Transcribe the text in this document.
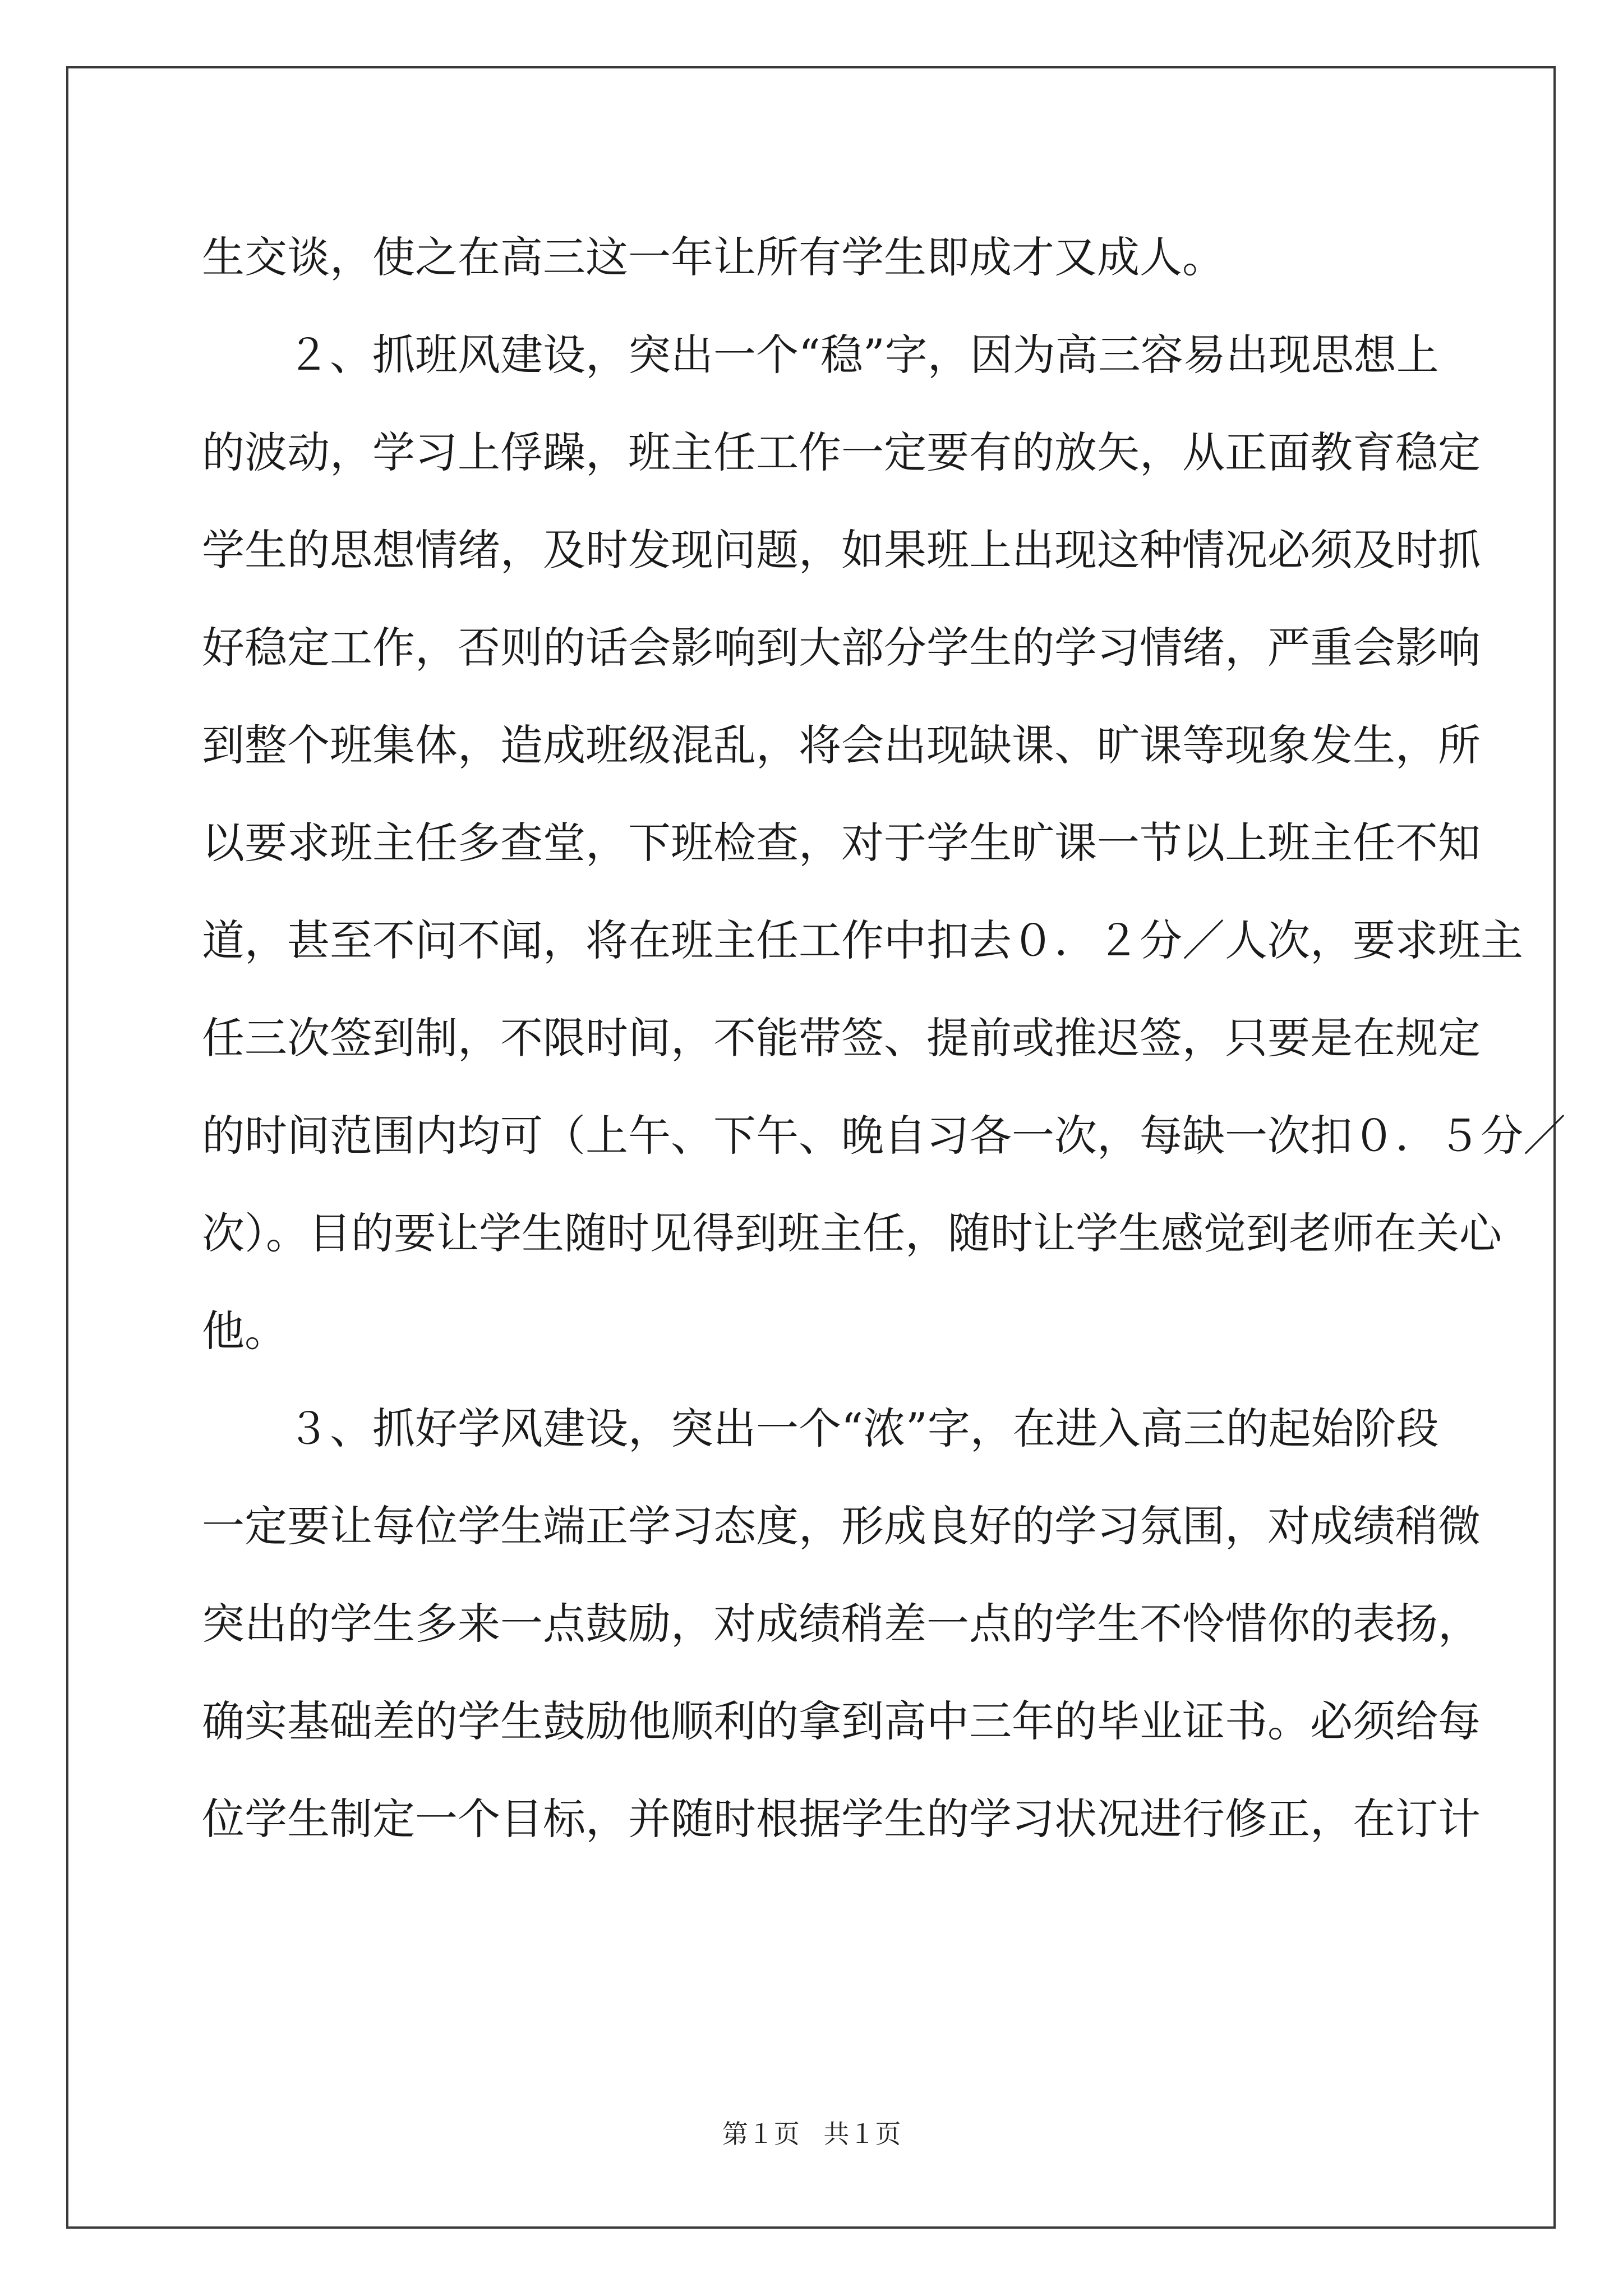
生交谈，使之在高三这一年让所有学生即成才又成人。
２、抓班风建设，突出一个“稳”字，因为高三容易出现思想上
的波动，学习上俘躁，班主任工作一定要有的放矢，从正面教育稳定
学生的思想情绪，及时发现问题，如果班上出现这种情况必须及时抓
好稳定工作，否则的话会影响到大部分学生的学习情绪，严重会影响
到整个班集体，造成班级混乱，将会出现缺课、旷课等现象发生，所
以要求班主任多查堂，下班检查，对于学生旷课一节以上班主任不知
道，甚至不问不闻，将在班主任工作中扣去０．２分／人次，要求班主
任三次签到制，不限时间，不能带签、提前或推迟签，只要是在规定
的时间范围内均可（上午、下午、晚自习各一次，每缺一次扣０．５分／
次）。目的要让学生随时见得到班主任，随时让学生感觉到老师在关心
他。
３、抓好学风建设，突出一个“浓”字，在进入高三的起始阶段
一定要让每位学生端正学习态度，形成良好的学习氛围，对成绩稍微
突出的学生多来一点鼓励，对成绩稍差一点的学生不怜惜你的表扬，
确实基础差的学生鼓励他顺利的拿到高中三年的毕业证书。必须给每
位学生制定一个目标，并随时根据学生的学习状况进行修正，在订计
第１页 共１页
